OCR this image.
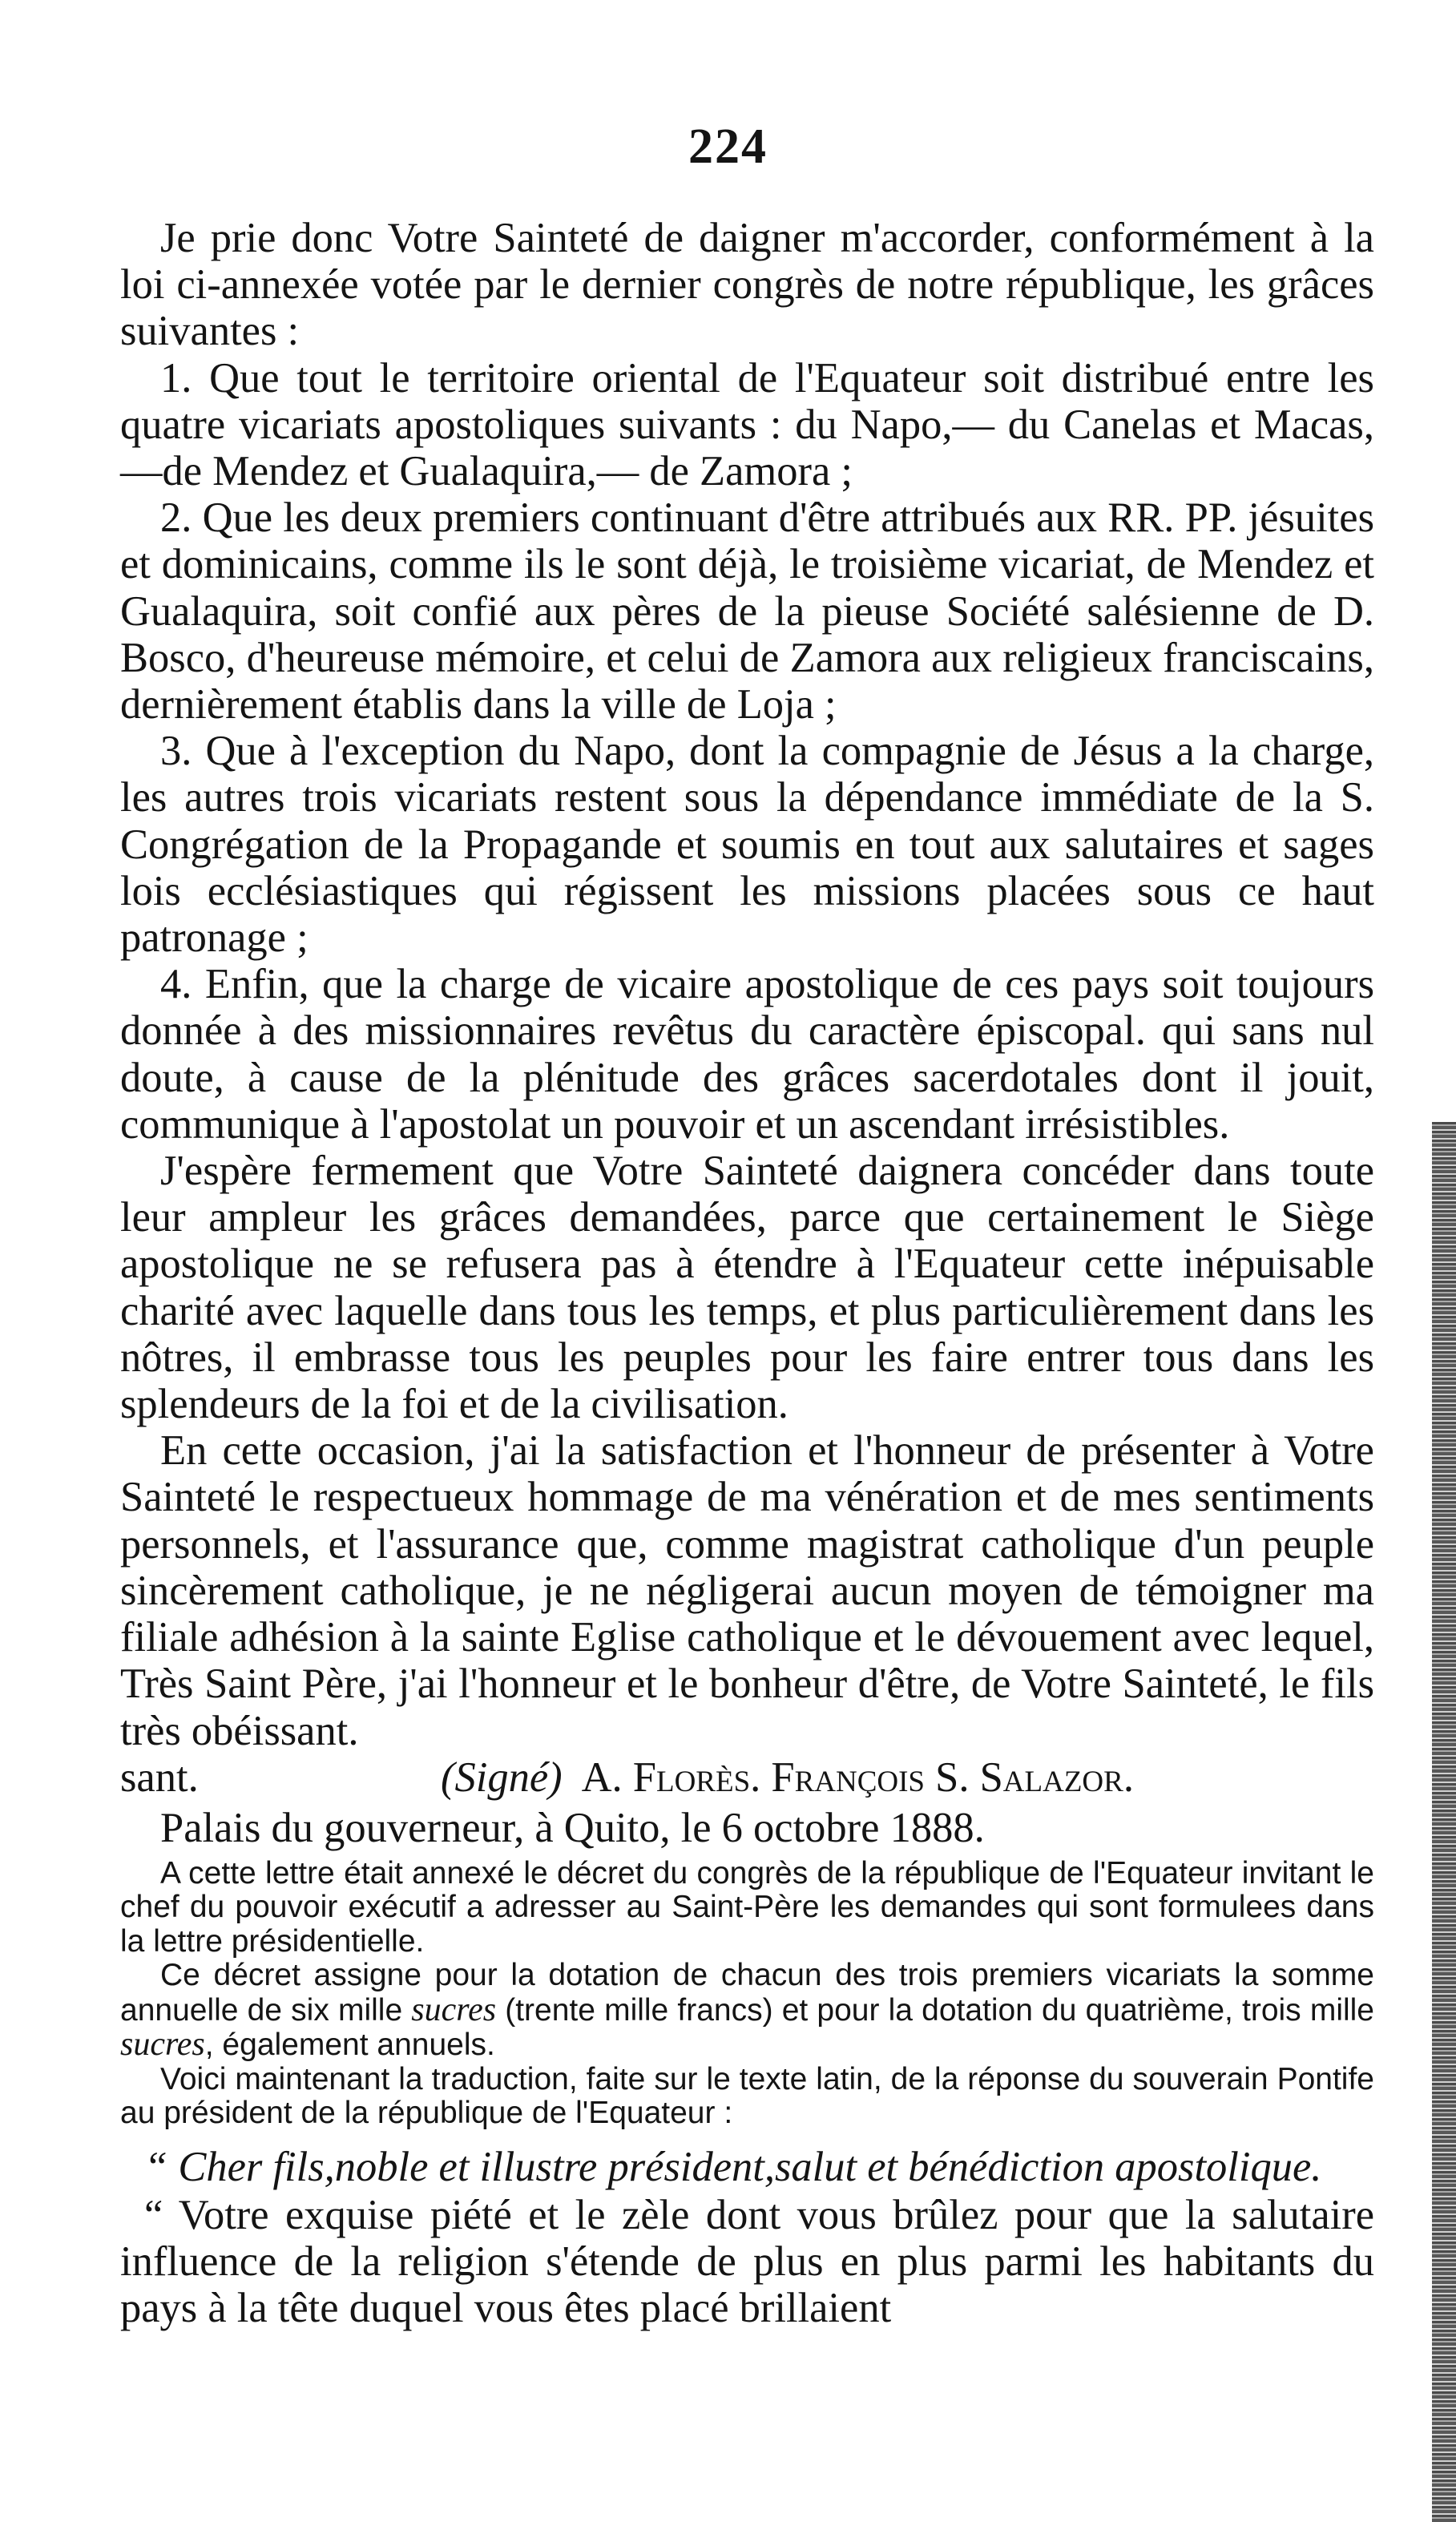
224

Je prie donc Votre Sainteté de daigner m'accorder, conformément à la loi ci-annexée votée par le dernier congrès de notre république, les grâces suivantes :

1. Que tout le territoire oriental de l'Equateur soit distribué entre les quatre vicariats apostoliques suivants : du Napo,— du Canelas et Macas,—de Mendez et Gualaquira,— de Zamora ;

2. Que les deux premiers continuant d'être attribués aux RR. PP. jésuites et dominicains, comme ils le sont déjà, le troisième vicariat, de Mendez et Gualaquira, soit confié aux pères de la pieuse Société salésienne de D. Bosco, d'heureuse mémoire, et celui de Zamora aux religieux franciscains, dernièrement établis dans la ville de Loja ;

3. Que à l'exception du Napo, dont la compagnie de Jésus a la charge, les autres trois vicariats restent sous la dépendance immédiate de la S. Congrégation de la Propagande et soumis en tout aux salutaires et sages lois ecclésiastiques qui régissent les missions placées sous ce haut patronage ;

4. Enfin, que la charge de vicaire apostolique de ces pays soit toujours donnée à des missionnaires revêtus du caractère épiscopal. qui sans nul doute, à cause de la plénitude des grâces sacerdotales dont il jouit, communique à l'apostolat un pouvoir et un ascendant irrésistibles.

J'espère fermement que Votre Sainteté daignera concéder dans toute leur ampleur les grâces demandées, parce que certainement le Siège apostolique ne se refusera pas à étendre à l'Equateur cette inépuisable charité avec laquelle dans tous les temps, et plus particulièrement dans les nôtres, il embrasse tous les peuples pour les faire entrer tous dans les splendeurs de la foi et de la civilisation.

En cette occasion, j'ai la satisfaction et l'honneur de présenter à Votre Sainteté le respectueux hommage de ma vénération et de mes sentiments personnels, et l'assurance que, comme magistrat catholique d'un peuple sincèrement catholique, je ne négligerai aucun moyen de témoigner ma filiale adhésion à la sainte Eglise catholique et le dévouement avec lequel, Très Saint Père, j'ai l'honneur et le bonheur d'être, de Votre Sainteté, le fils très obéissant.

sant.	(Signé) A. Florès. François S. Salazor.

Palais du gouverneur, à Quito, le 6 octobre 1888.

A cette lettre était annexé le décret du congrès de la république de l'Equateur invitant le chef du pouvoir exécutif a adresser au Saint-Père les demandes qui sont formulees dans la lettre présidentielle.

Ce décret assigne pour la dotation de chacun des trois premiers vicariats la somme annuelle de six mille sucres (trente mille francs) et pour la dotation du quatrième, trois mille sucres, également annuels.

Voici maintenant la traduction, faite sur le texte latin, de la réponse du souverain Pontife au président de la république de l'Equateur :

“ Cher fils,noble et illustre président,salut et bénédiction apostolique.

“ Votre exquise piété et le zèle dont vous brûlez pour que la salutaire influence de la religion s'étende de plus en plus parmi les habitants du pays à la tête duquel vous êtes placé brillaient
